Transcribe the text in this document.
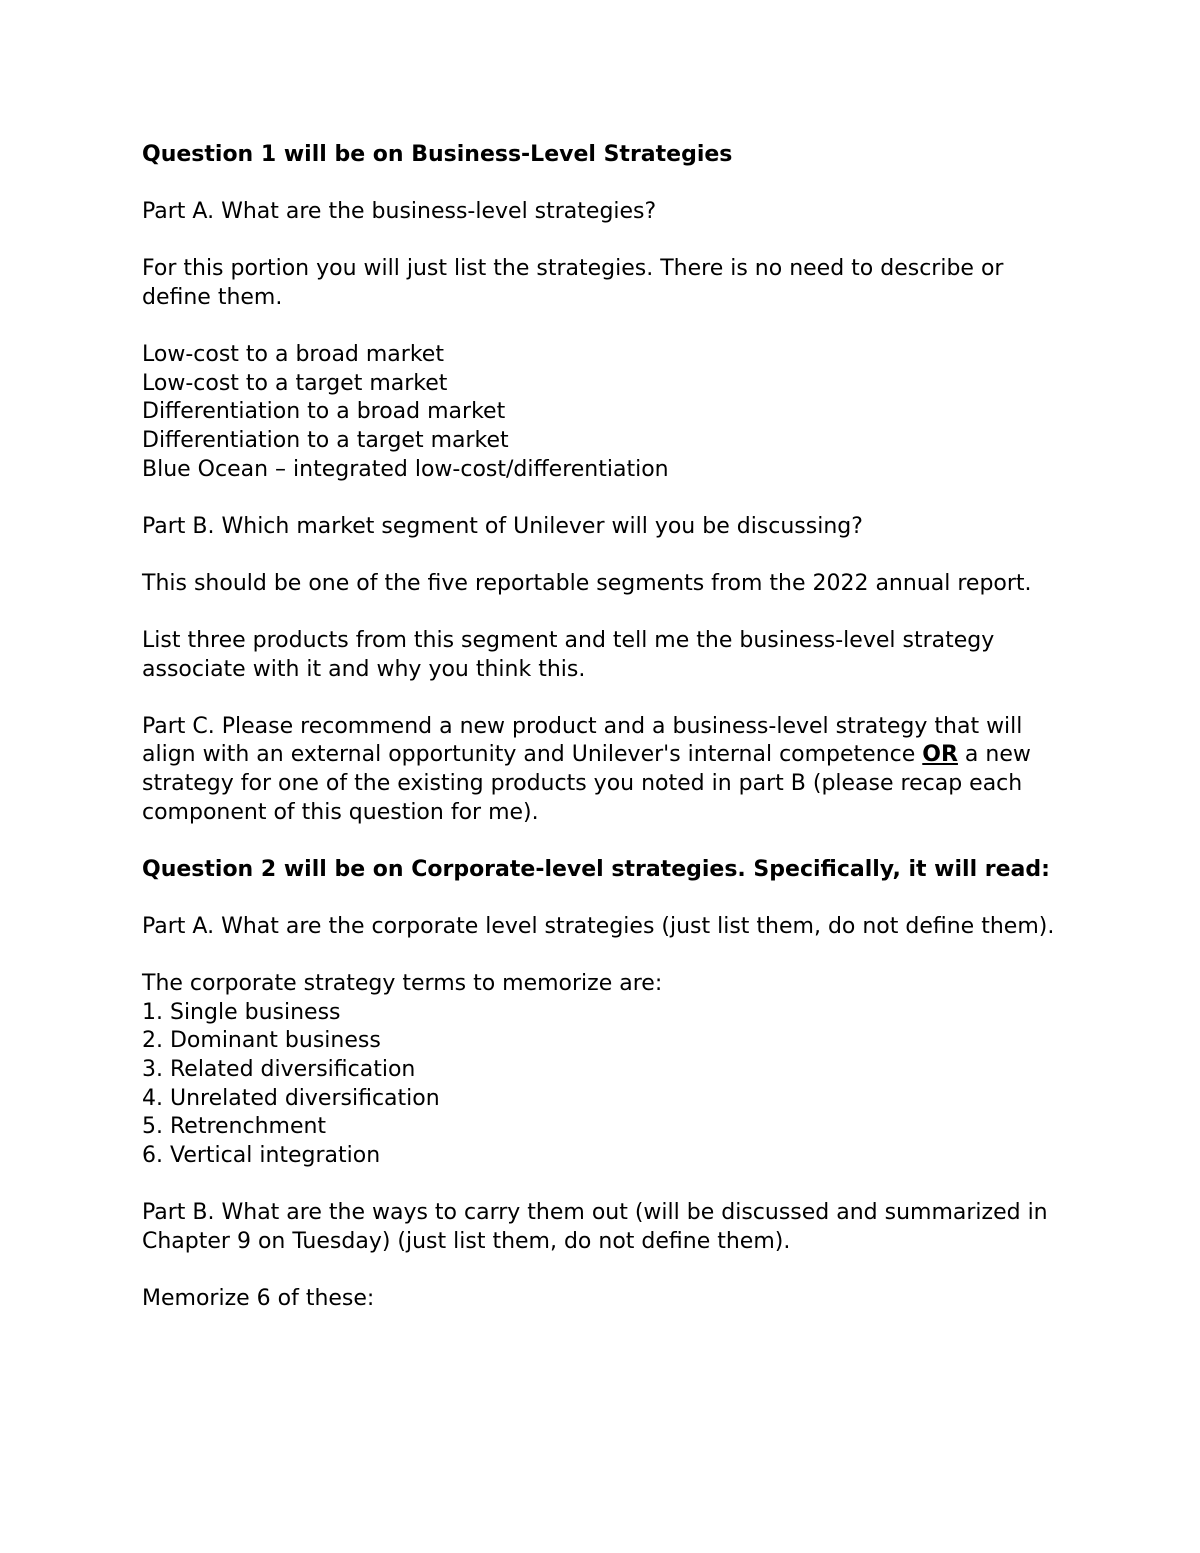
Question 1 will be on Business-Level Strategies

Part A. What are the business-level strategies?

For this portion you will just list the strategies. There is no need to describe or define them.

Low-cost to a broad market
Low-cost to a target market
Differentiation to a broad market
Differentiation to a target market
Blue Ocean – integrated low-cost/differentiation

Part B. Which market segment of Unilever will you be discussing?

This should be one of the five reportable segments from the 2022 annual report.

List three products from this segment and tell me the business-level strategy associate with it and why you think this.

Part C. Please recommend a new product and a business-level strategy that will align with an external opportunity and Unilever's internal competence OR a new strategy for one of the existing products you noted in part B (please recap each component of this question for me).

Question 2 will be on Corporate-level strategies. Specifically, it will read:

Part A. What are the corporate level strategies (just list them, do not define them).

The corporate strategy terms to memorize are:
1. Single business
2. Dominant business
3. Related diversification
4. Unrelated diversification
5. Retrenchment
6. Vertical integration

Part B. What are the ways to carry them out (will be discussed and summarized in Chapter 9 on Tuesday) (just list them, do not define them).

Memorize 6 of these:
